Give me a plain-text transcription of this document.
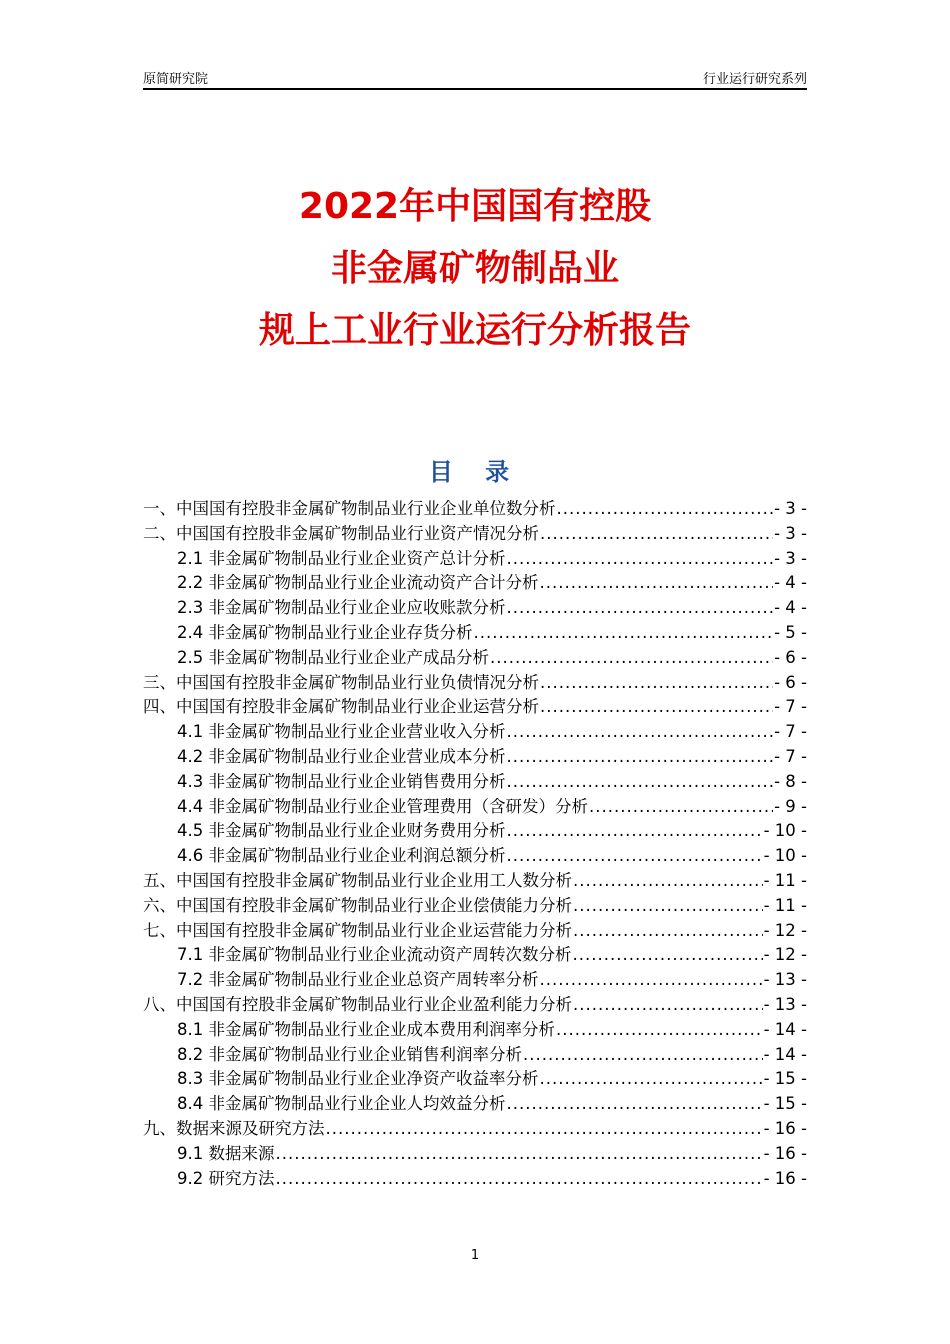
原简研究院	行业运行研究系列
2022年中国国有控股
非金属矿物制品业
规上工业行业运行分析报告
目 录
一、中国国有控股非金属矿物制品业行业企业单位数分析 .....	- 3 -
二、中国国有控股非金属矿物制品业行业资产情况分析 .....	- 3 -
2.1 非金属矿物制品业行业企业资产总计分析 .....	- 3 -
2.2 非金属矿物制品业行业企业流动资产合计分析 .....	- 4 -
2.3 非金属矿物制品业行业企业应收账款分析 .....	- 4 -
2.4 非金属矿物制品业行业企业存货分析 .....	- 5 -
2.5 非金属矿物制品业行业企业产成品分析 .....	- 6 -
三、中国国有控股非金属矿物制品业行业负债情况分析 .....	- 6 -
四、中国国有控股非金属矿物制品业行业企业运营分析 .....	- 7 -
4.1 非金属矿物制品业行业企业营业收入分析 .....	- 7 -
4.2 非金属矿物制品业行业企业营业成本分析 .....	- 7 -
4.3 非金属矿物制品业行业企业销售费用分析 .....	- 8 -
4.4 非金属矿物制品业行业企业管理费用（含研发）分析 .....	- 9 -
4.5 非金属矿物制品业行业企业财务费用分析 .....	- 10 -
4.6 非金属矿物制品业行业企业利润总额分析 .....	- 10 -
五、中国国有控股非金属矿物制品业行业企业用工人数分析 .....	- 11 -
六、中国国有控股非金属矿物制品业行业企业偿债能力分析 .....	- 11 -
七、中国国有控股非金属矿物制品业行业企业运营能力分析 .....	- 12 -
7.1 非金属矿物制品业行业企业流动资产周转次数分析 .....	- 12 -
7.2 非金属矿物制品业行业企业总资产周转率分析 .....	- 13 -
八、中国国有控股非金属矿物制品业行业企业盈利能力分析 .....	- 13 -
8.1 非金属矿物制品业行业企业成本费用利润率分析 .....	- 14 -
8.2 非金属矿物制品业行业企业销售利润率分析 .....	- 14 -
8.3 非金属矿物制品业行业企业净资产收益率分析 .....	- 15 -
8.4 非金属矿物制品业行业企业人均效益分析 .....	- 15 -
九、数据来源及研究方法 .....	- 16 -
9.1 数据来源 .....	- 16 -
9.2 研究方法 .....	- 16 -
1
